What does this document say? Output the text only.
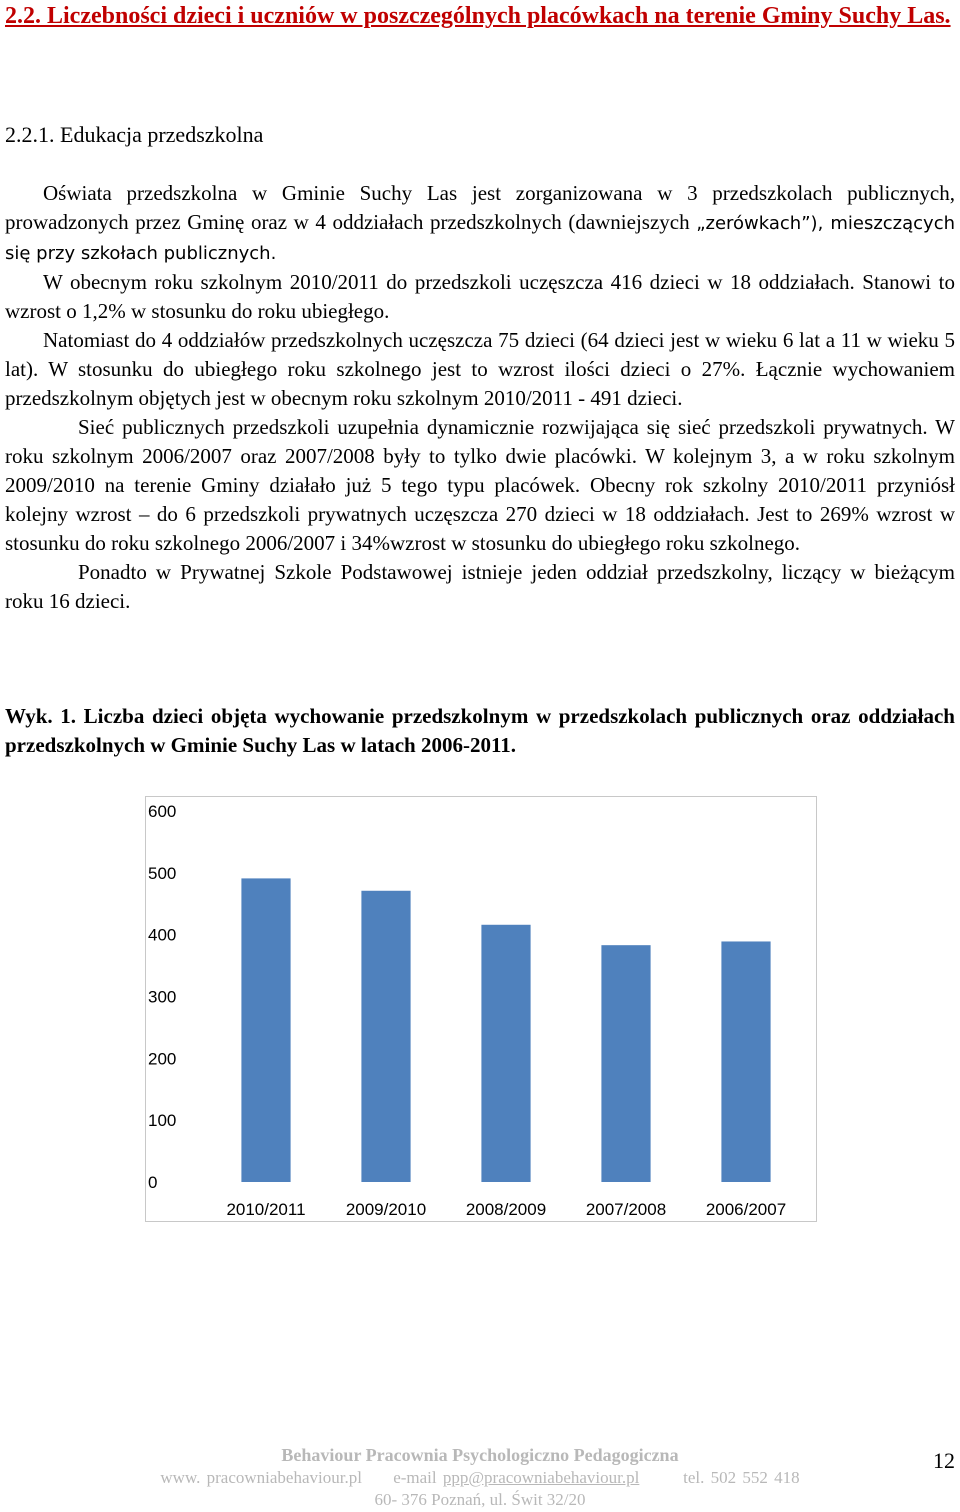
2.2. Liczebności dzieci i uczniów w poszczególnych placówkach na terenie Gminy Suchy Las.
2.2.1. Edukacja przedszkolna

Oświata przedszkolna w Gminie Suchy Las jest zorganizowana w 3 przedszkolach publicznych, prowadzonych przez Gminę oraz w 4 oddziałach przedszkolnych (dawniejszych „zerówkach”), mieszczących się przy szkołach publicznych.

W obecnym roku szkolnym 2010/2011 do przedszkoli uczęszcza 416 dzieci w 18 oddziałach. Stanowi to wzrost o 1,2% w stosunku do roku ubiegłego.

Natomiast do 4 oddziałów przedszkolnych uczęszcza 75 dzieci (64 dzieci jest w wieku 6 lat a 11 w wieku 5 lat). W stosunku do ubiegłego roku szkolnego jest to wzrost ilości dzieci o 27%. Łącznie wychowaniem przedszkolnym objętych jest w obecnym roku szkolnym 2010/2011 - 491 dzieci.

Sieć publicznych przedszkoli uzupełnia dynamicznie rozwijająca się sieć przedszkoli prywatnych. W roku szkolnym 2006/2007 oraz 2007/2008 były to tylko dwie placówki. W kolejnym 3, a w roku szkolnym 2009/2010 na terenie Gminy działało już 5 tego typu placówek. Obecny rok szkolny 2010/2011 przyniósł kolejny wzrost – do 6 przedszkoli prywatnych uczęszcza 270 dzieci w 18 oddziałach. Jest to 269% wzrost w stosunku do roku szkolnego 2006/2007 i 34%wzrost w stosunku do ubiegłego roku szkolnego.

Ponadto w Prywatnej Szkole Podstawowej istnieje jeden oddział przedszkolny, liczący w bieżącym roku 16 dzieci.

Wyk. 1. Liczba dzieci objęta wychowanie przedszkolnym w przedszkolach publicznych oraz oddziałach przedszkolnych w Gminie Suchy Las w latach 2006-2011.
0
100
200
300
400
500
600
2010/2011 2009/2010 2008/2009 2007/2008 2006/2007
Behaviour Pracownia Psychologiczno Pedagogiczna
www. pracowniabehaviour.pl e-mail ppp@pracowniabehaviour.pl	tel. 502 552 418
60- 376 Poznań, ul. Świt 32/20
12
